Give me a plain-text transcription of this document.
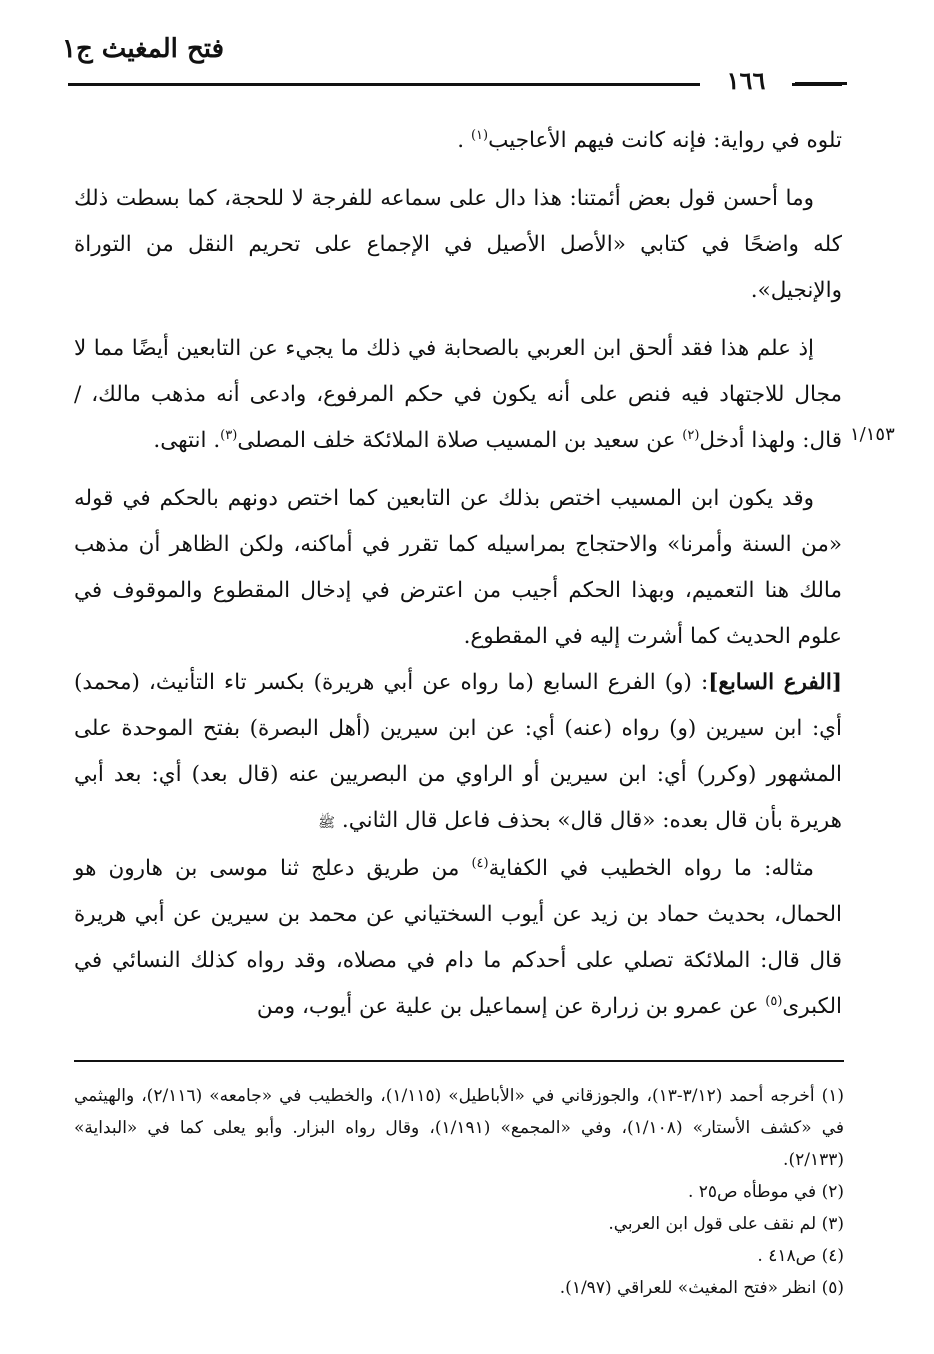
فتح المغيث ج١
١٦٦
١/١٥٣

تلوه في رواية: فإنه كانت فيهم الأعاجيب$^{(١)}$ .

وما أحسن قول بعض أئمتنا: هذا دال على سماعه للفرجة لا للحجة، كما بسطت ذلك كله واضحًا في كتابي «الأصل الأصيل في الإجماع على تحريم النقل من التوراة والإنجيل».

إذ علم هذا فقد ألحق ابن العربي بالصحابة في ذلك ما يجيء عن التابعين أيضًا مما لا مجال للاجتهاد فيه فنص على أنه يكون في حكم المرفوع، وادعى أنه مذهب مالك، / قال: ولهذا أدخل$^{(٢)}$ عن سعيد بن المسيب صلاة الملائكة خلف المصلى$^{(٣)}$. انتهى.

وقد يكون ابن المسيب اختص بذلك عن التابعين كما اختص دونهم بالحكم في قوله «من السنة وأمرنا» والاحتجاج بمراسيله كما تقرر في أماكنه، ولكن الظاهر أن مذهب مالك هنا التعميم، وبهذا الحكم أجيب من اعترض في إدخال المقطوع والموقوف في علوم الحديث كما أشرت إليه في المقطوع.

[الفرع السابع]: (و) الفرع السابع (ما رواه عن أبي هريرة) بكسر تاء التأنيث، (محمد) أي: ابن سيرين (و) رواه (عنه) أي: عن ابن سيرين (أهل البصرة) بفتح الموحدة على المشهور (وكرر) أي: ابن سيرين أو الراوي من البصريين عنه (قال بعد) أي: بعد أبي هريرة بأن قال بعده: «قال قال» بحذف فاعل قال الثاني. ﷺ

مثاله: ما رواه الخطيب في الكفاية$^{(٤)}$ من طريق دعلج ثنا موسى بن هارون هو الحمال، بحديث حماد بن زيد عن أيوب السختياني عن محمد بن سيرين عن أبي هريرة قال قال: الملائكة تصلي على أحدكم ما دام في مصلاه، وقد رواه كذلك النسائي في الكبرى$^{(٥)}$ عن عمرو بن زرارة عن إسماعيل بن علية عن أيوب، ومن

(١) أخرجه أحمد (٣/١٢-١٣)، والجوزقاني في «الأباطيل» (١/١١٥)، والخطيب في «جامعه» (٢/١١٦)، والهيثمي في «كشف الأستار» (١/١٠٨)، وفي «المجمع» (١/١٩١)، وقال رواه البزار. وأبو يعلى كما في «البداية» (٢/١٣٣).

(٢) في موطأه ص٢٥ .

(٣) لم نقف على قول ابن العربي.

(٤) ص٤١٨ .

(٥) انظر «فتح المغيث» للعراقي (١/٩٧).
